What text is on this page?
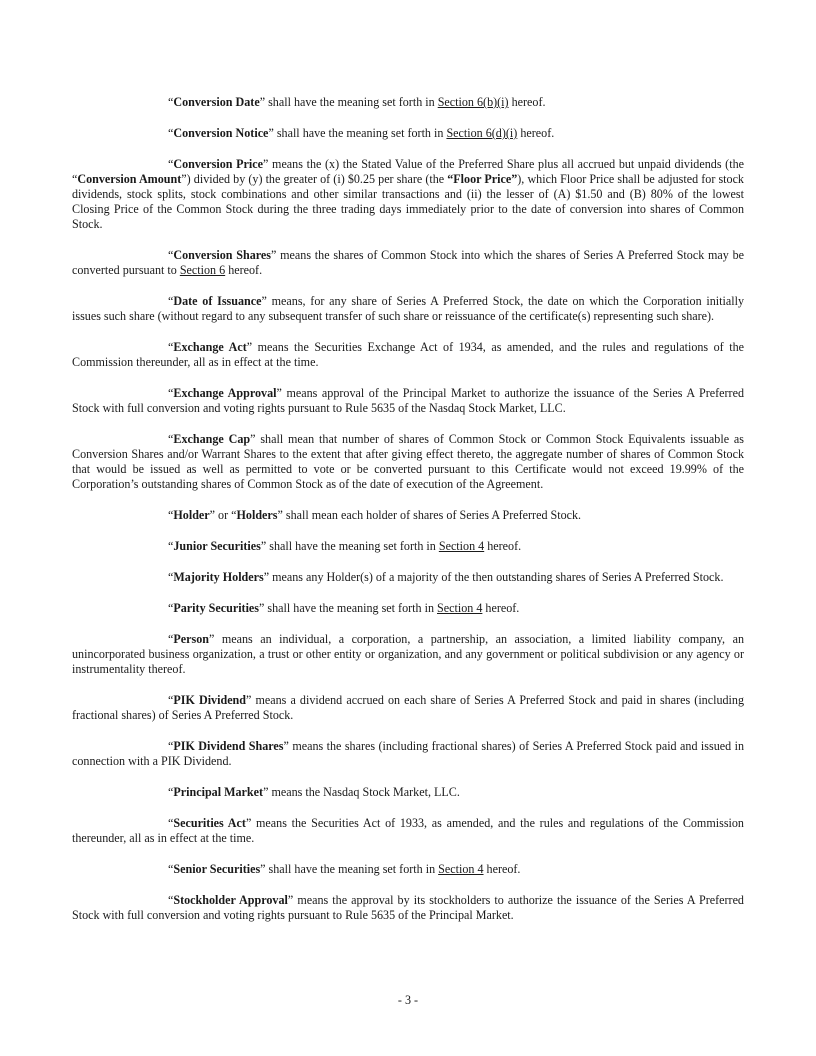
“Conversion Date” shall have the meaning set forth in Section 6(b)(i) hereof.

“Conversion Notice” shall have the meaning set forth in Section 6(d)(i) hereof.

“Conversion Price” means the (x) the Stated Value of the Preferred Share plus all accrued but unpaid dividends (the “Conversion Amount”) divided by (y) the greater of (i) $0.25 per share (the “Floor Price”), which Floor Price shall be adjusted for stock dividends, stock splits, stock combinations and other similar transactions and (ii) the lesser of (A) $1.50 and (B) 80% of the lowest Closing Price of the Common Stock during the three trading days immediately prior to the date of conversion into shares of Common Stock.

“Conversion Shares” means the shares of Common Stock into which the shares of Series A Preferred Stock may be converted pursuant to Section 6 hereof.

“Date of Issuance” means, for any share of Series A Preferred Stock, the date on which the Corporation initially issues such share (without regard to any subsequent transfer of such share or reissuance of the certificate(s) representing such share).

“Exchange Act” means the Securities Exchange Act of 1934, as amended, and the rules and regulations of the Commission thereunder, all as in effect at the time.

“Exchange Approval” means approval of the Principal Market to authorize the issuance of the Series A Preferred Stock with full conversion and voting rights pursuant to Rule 5635 of the Nasdaq Stock Market, LLC.

“Exchange Cap” shall mean that number of shares of Common Stock or Common Stock Equivalents issuable as Conversion Shares and/or Warrant Shares to the extent that after giving effect thereto, the aggregate number of shares of Common Stock that would be issued as well as permitted to vote or be converted pursuant to this Certificate would not exceed 19.99% of the Corporation’s outstanding shares of Common Stock as of the date of execution of the Agreement.

“Holder” or “Holders” shall mean each holder of shares of Series A Preferred Stock.

“Junior Securities” shall have the meaning set forth in Section 4 hereof.

“Majority Holders” means any Holder(s) of a majority of the then outstanding shares of Series A Preferred Stock.

“Parity Securities” shall have the meaning set forth in Section 4 hereof.

“Person” means an individual, a corporation, a partnership, an association, a limited liability company, an unincorporated business organization, a trust or other entity or organization, and any government or political subdivision or any agency or instrumentality thereof.

“PIK Dividend” means a dividend accrued on each share of Series A Preferred Stock and paid in shares (including fractional shares) of Series A Preferred Stock.

“PIK Dividend Shares” means the shares (including fractional shares) of Series A Preferred Stock paid and issued in connection with a PIK Dividend.

“Principal Market” means the Nasdaq Stock Market, LLC.

“Securities Act” means the Securities Act of 1933, as amended, and the rules and regulations of the Commission thereunder, all as in effect at the time.

“Senior Securities” shall have the meaning set forth in Section 4 hereof.

“Stockholder Approval” means the approval by its stockholders to authorize the issuance of the Series A Preferred Stock with full conversion and voting rights pursuant to Rule 5635 of the Principal Market.

- 3 -
